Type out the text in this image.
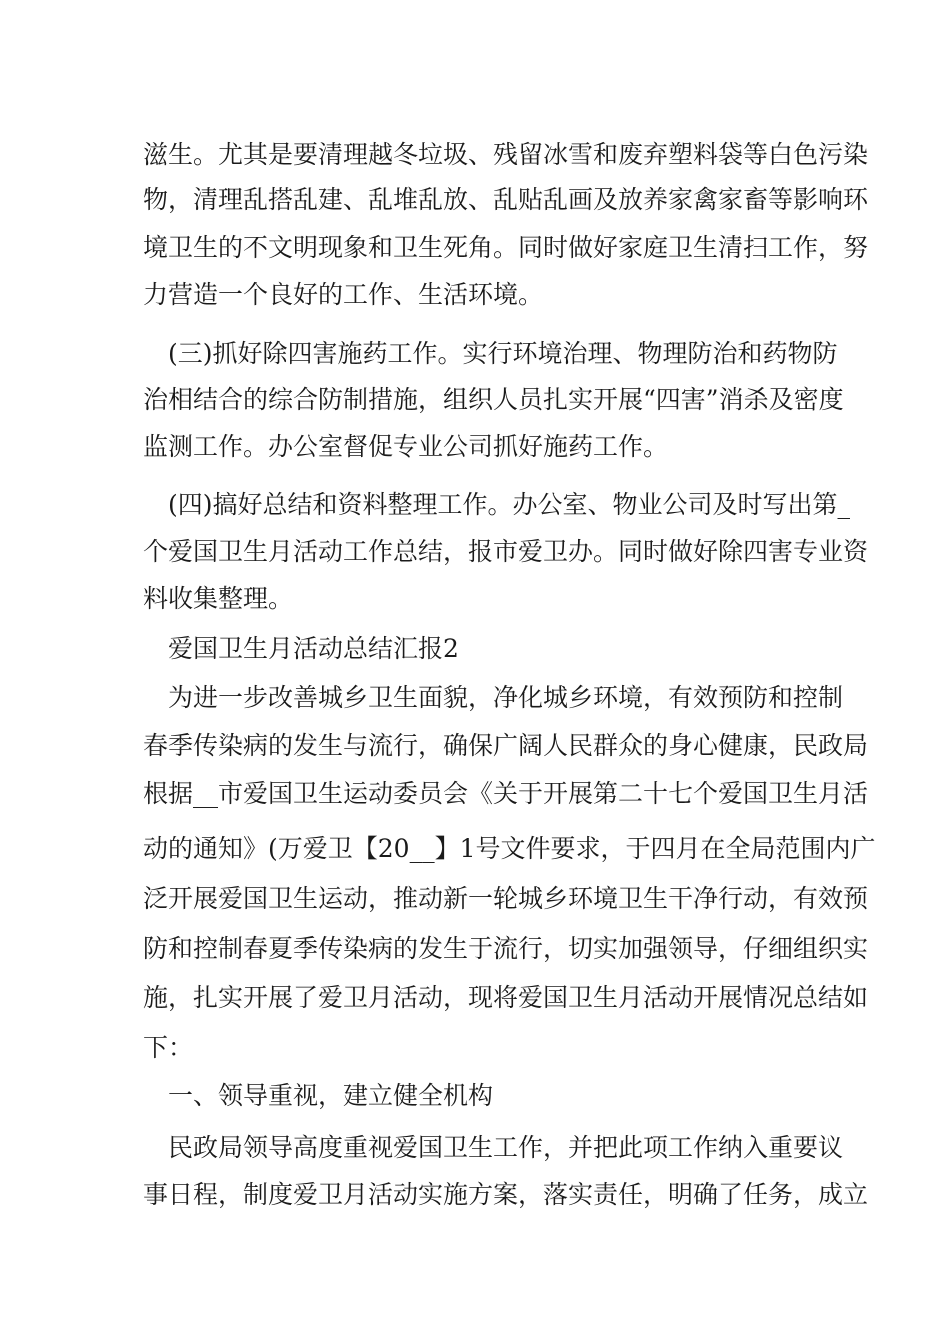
滋生。尤其是要清理越冬垃圾、残留冰雪和废弃塑料袋等白色污染

物，清理乱搭乱建、乱堆乱放、乱贴乱画及放养家禽家畜等影响环

境卫生的不文明现象和卫生死角。同时做好家庭卫生清扫工作，努

力营造一个良好的工作、生活环境。

　(三)抓好除四害施药工作。实行环境治理、物理防治和药物防

治相结合的综合防制措施，组织人员扎实开展“四害”消杀及密度

监测工作。办公室督促专业公司抓好施药工作。

　(四)搞好总结和资料整理工作。办公室、物业公司及时写出第_

个爱国卫生月活动工作总结，报市爱卫办。同时做好除四害专业资

料收集整理。

　爱国卫生月活动总结汇报2

　为进一步改善城乡卫生面貌，净化城乡环境，有效预防和控制

春季传染病的发生与流行，确保广阔人民群众的身心健康，民政局

根据__市爱国卫生运动委员会《关于开展第二十七个爱国卫生月活

动的通知》(万爱卫【20__】1号文件要求，于四月在全局范围内广

泛开展爱国卫生运动，推动新一轮城乡环境卫生干净行动，有效预

防和控制春夏季传染病的发生于流行，切实加强领导，仔细组织实

施，扎实开展了爱卫月活动，现将爱国卫生月活动开展情况总结如

下：

　一、领导重视，建立健全机构

　民政局领导高度重视爱国卫生工作，并把此项工作纳入重要议

事日程，制度爱卫月活动实施方案，落实责任，明确了任务，成立
